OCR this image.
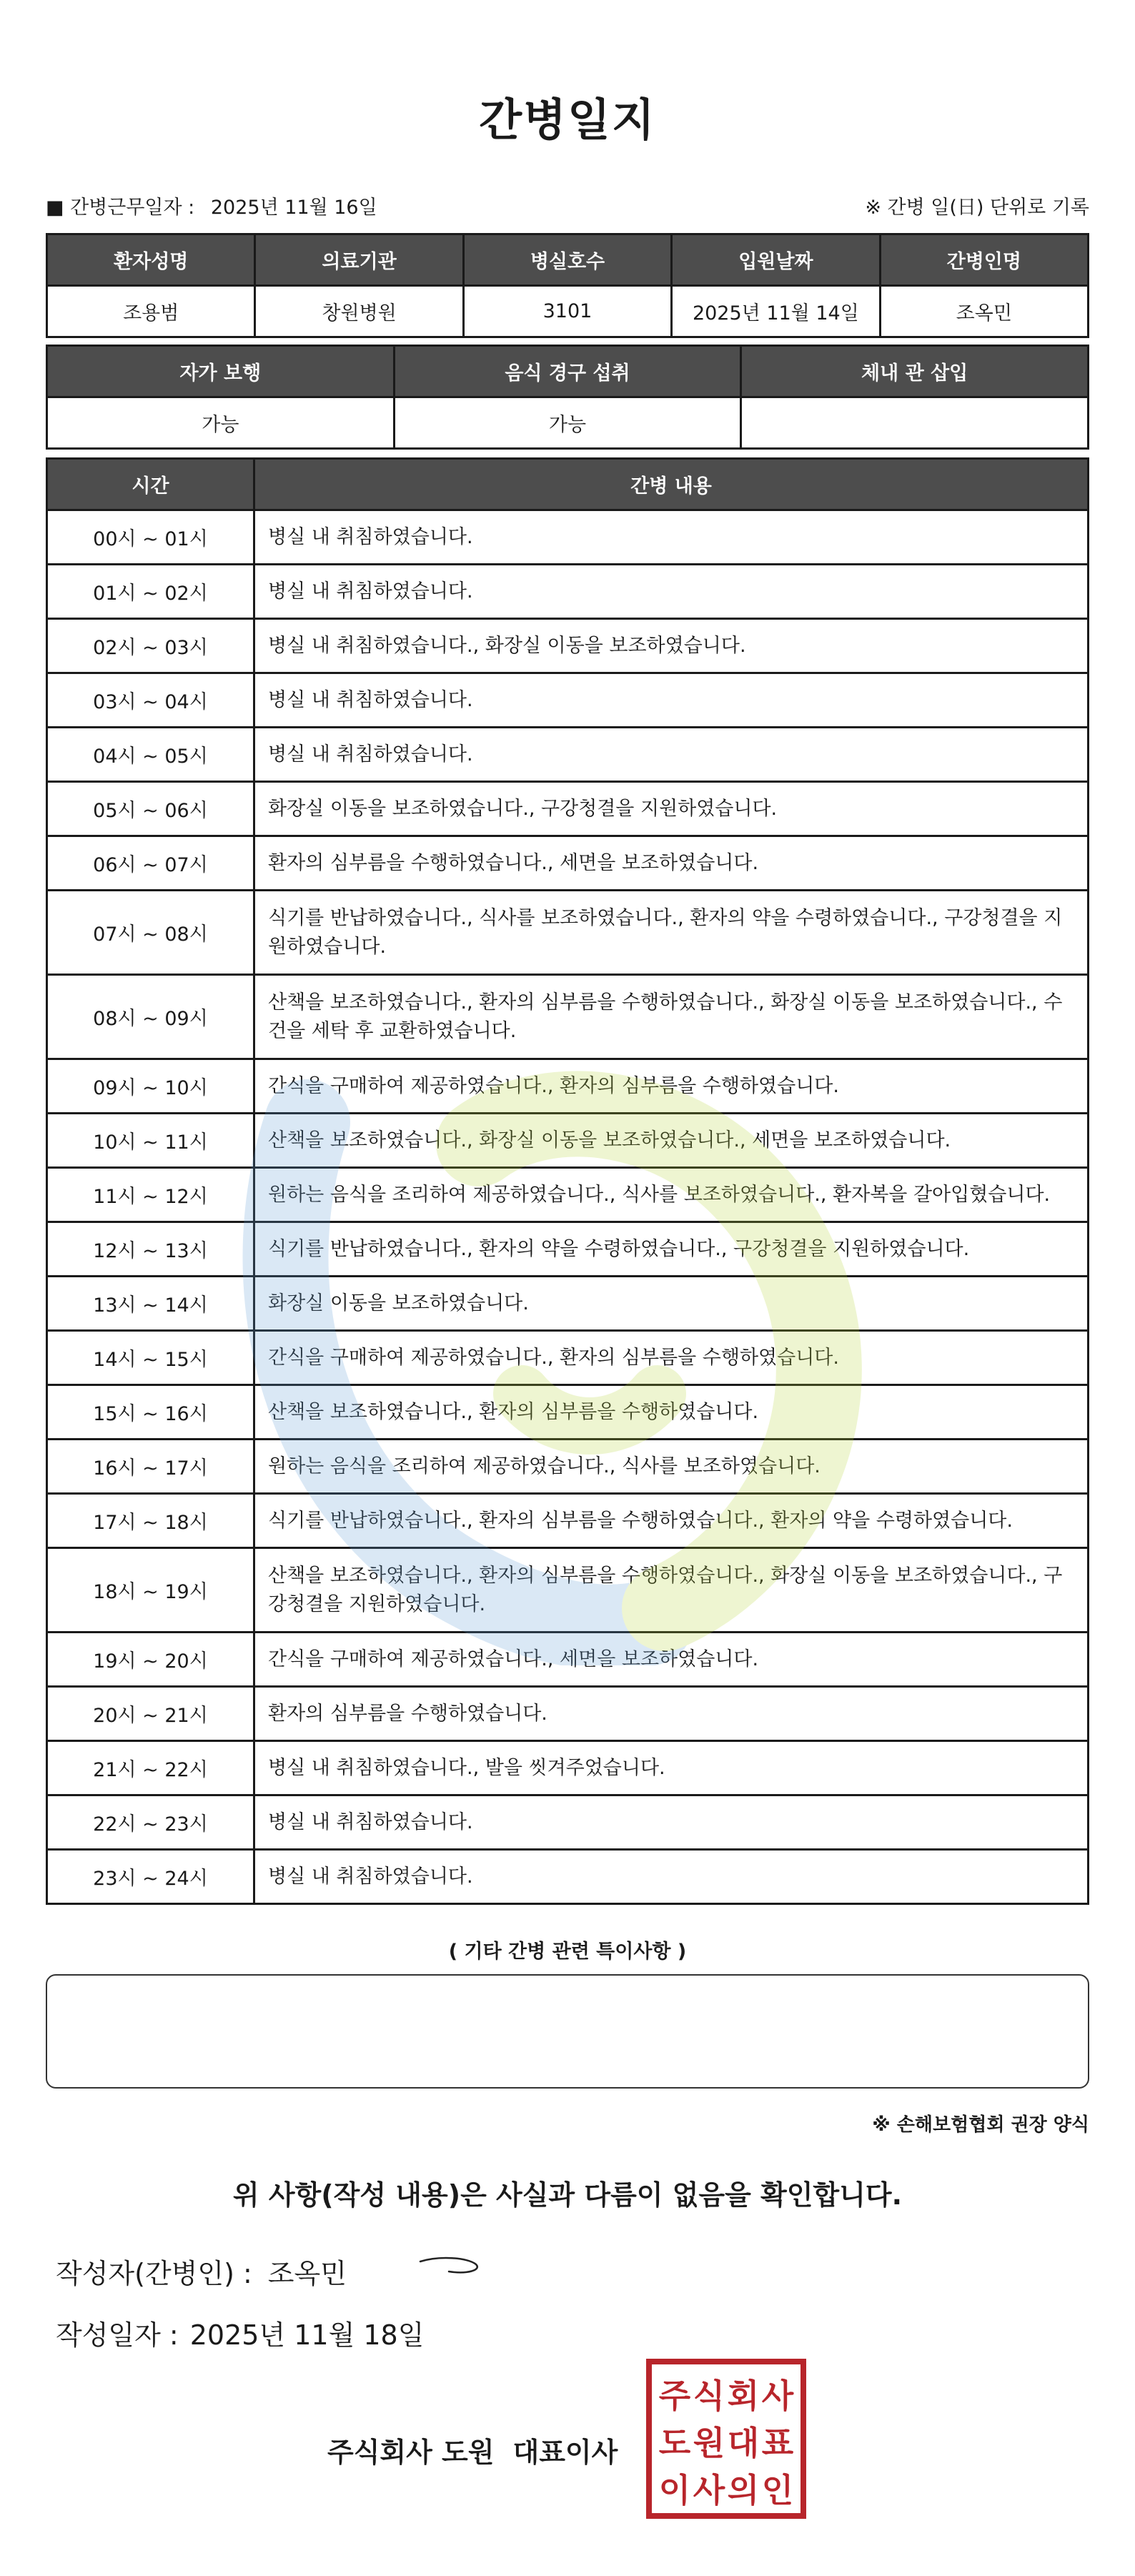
간병일지
■ 간병근무일자 : 2025년 11월 16일	※ 간병 일(日) 단위로 기록
환자성명	의료기관	병실호수	입원날짜	간병인명
조용범	창원병원	3101	2025년 11월 14일	조옥민
자가 보행	음식 경구 섭취	체내 관 삽입
가능	가능	
시간	간병 내용
00시 ~ 01시	병실 내 취침하였습니다.
01시 ~ 02시	병실 내 취침하였습니다.
02시 ~ 03시	병실 내 취침하였습니다., 화장실 이동을 보조하였습니다.
03시 ~ 04시	병실 내 취침하였습니다.
04시 ~ 05시	병실 내 취침하였습니다.
05시 ~ 06시	화장실 이동을 보조하였습니다., 구강청결을 지원하였습니다.
06시 ~ 07시	환자의 심부름을 수행하였습니다., 세면을 보조하였습니다.
07시 ~ 08시	식기를 반납하였습니다., 식사를 보조하였습니다., 환자의 약을 수령하였습니다., 구강청결을 지원하였습니다.
08시 ~ 09시	산책을 보조하였습니다., 환자의 심부름을 수행하였습니다., 화장실 이동을 보조하였습니다., 수건을 세탁 후 교환하였습니다.
09시 ~ 10시	간식을 구매하여 제공하였습니다., 환자의 심부름을 수행하였습니다.
10시 ~ 11시	산책을 보조하였습니다., 화장실 이동을 보조하였습니다., 세면을 보조하였습니다.
11시 ~ 12시	원하는 음식을 조리하여 제공하였습니다., 식사를 보조하였습니다., 환자복을 갈아입혔습니다.
12시 ~ 13시	식기를 반납하였습니다., 환자의 약을 수령하였습니다., 구강청결을 지원하였습니다.
13시 ~ 14시	화장실 이동을 보조하였습니다.
14시 ~ 15시	간식을 구매하여 제공하였습니다., 환자의 심부름을 수행하였습니다.
15시 ~ 16시	산책을 보조하였습니다., 환자의 심부름을 수행하였습니다.
16시 ~ 17시	원하는 음식을 조리하여 제공하였습니다., 식사를 보조하였습니다.
17시 ~ 18시	식기를 반납하였습니다., 환자의 심부름을 수행하였습니다., 환자의 약을 수령하였습니다.
18시 ~ 19시	산책을 보조하였습니다., 환자의 심부름을 수행하였습니다., 화장실 이동을 보조하였습니다., 구강청결을 지원하였습니다.
19시 ~ 20시	간식을 구매하여 제공하였습니다., 세면을 보조하였습니다.
20시 ~ 21시	환자의 심부름을 수행하였습니다.
21시 ~ 22시	병실 내 취침하였습니다., 발을 씻겨주었습니다.
22시 ~ 23시	병실 내 취침하였습니다.
23시 ~ 24시	병실 내 취침하였습니다.
( 기타 간병 관련 특이사항 )
※ 손해보험협회 권장 양식
위 사항(작성 내용)은 사실과 다름이 없음을 확인합니다.
작성자(간병인) : 조옥민
작성일자 : 2025년 11월 18일
주식회사 도원 대표이사
주 식 회 사
도 원 대 표
이 사 의 인
